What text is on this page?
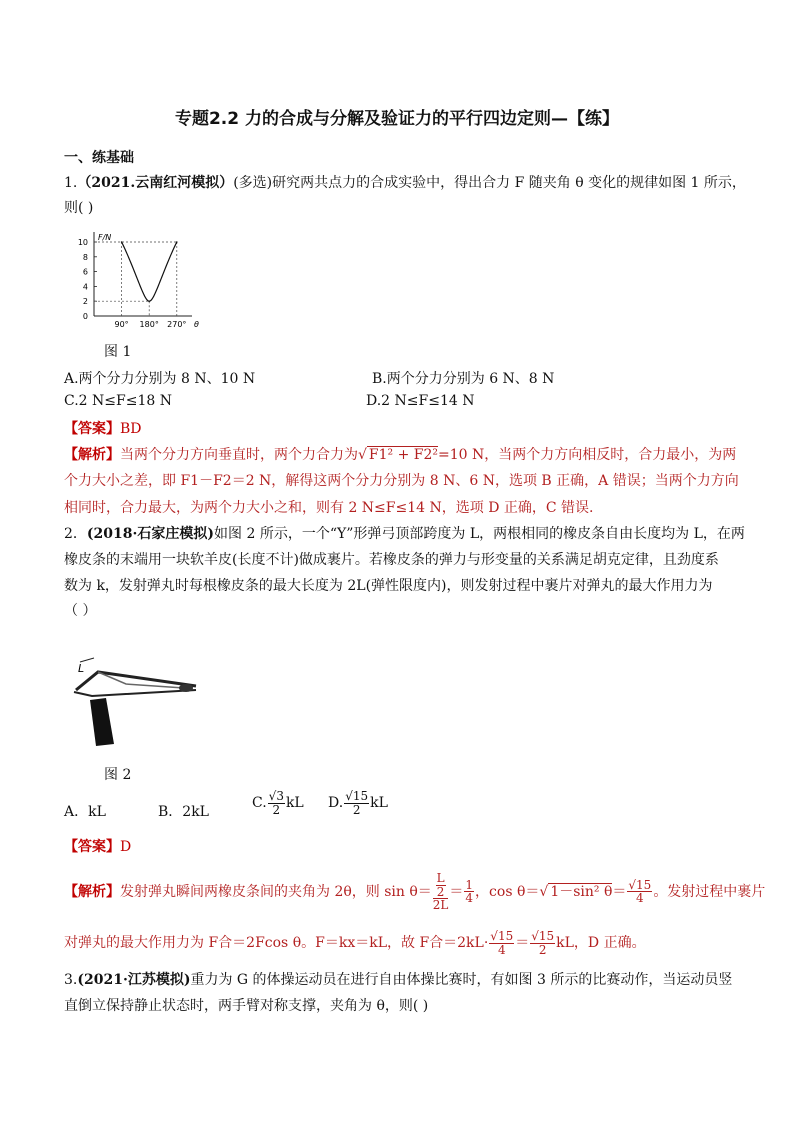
专题2.2 力的合成与分解及验证力的平行四边定则—【练】
一、练基础
1.（2021.云南红河模拟）(多选)研究两共点力的合成实验中，得出合力 F 随夹角 θ 变化的规律如图 1 所示，
则( )
0
2
4
6
8
10
90° 180° 270°
F/N
θ
图 1
A.两个分力分别为 8 N、10 N	B.两个分力分别为 6 N、8 N
C.2 N≤F≤18 N	D.2 N≤F≤14 N
【答案】BD
【解析】当两个分力方向垂直时，两个力合力为√ F1² + F2²=10 N，当两个力方向相反时，合力最小，为两
个力大小之差，即 F1－F2＝2 N，解得这两个分力分别为 8 N、6 N，选项 B 正确，A 错误；当两个力方向
相同时，合力最大，为两个力大小之和，则有 2 N≤F≤14 N，选项 D 正确，C 错误.
2．(2018·石家庄模拟)如图 2 所示，一个“Y”形弹弓顶部跨度为 L，两根相同的橡皮条自由长度均为 L，在两
橡皮条的末端用一块软羊皮(长度不计)做成裹片。若橡皮条的弹力与形变量的关系满足胡克定律，且劲度系
数为 k，发射弹丸时每根橡皮条的最大长度为 2L(弹性限度内)，则发射过程中裹片对弹丸的最大作用力为
（ ）
L
图 2
A．kL	B．2kL
C. $\frac{√3}{2}$ kL D. $\frac{√15}{2}$ kL
【答案】D
【解析】发射弹丸瞬间两橡皮条间的夹角为 2θ，则 $\sin \theta= \frac{\frac{L}{2}}{2L} = \frac{1}{4}$ ，cos θ＝√ 1－sin² $\theta= \frac{√15}{4}$ 。发射过程中裹片
对弹丸的最大作用力为 F合＝2Fcos θ。F＝kx＝kL，故 F合$=2kL\cdot \frac{√15}{4} = \frac{√15}{2}$ kL，D 正确。
3.(2021·江苏模拟)重力为 G 的体操运动员在进行自由体操比赛时，有如图 3 所示的比赛动作，当运动员竖
直倒立保持静止状态时，两手臂对称支撑，夹角为 θ，则( )
